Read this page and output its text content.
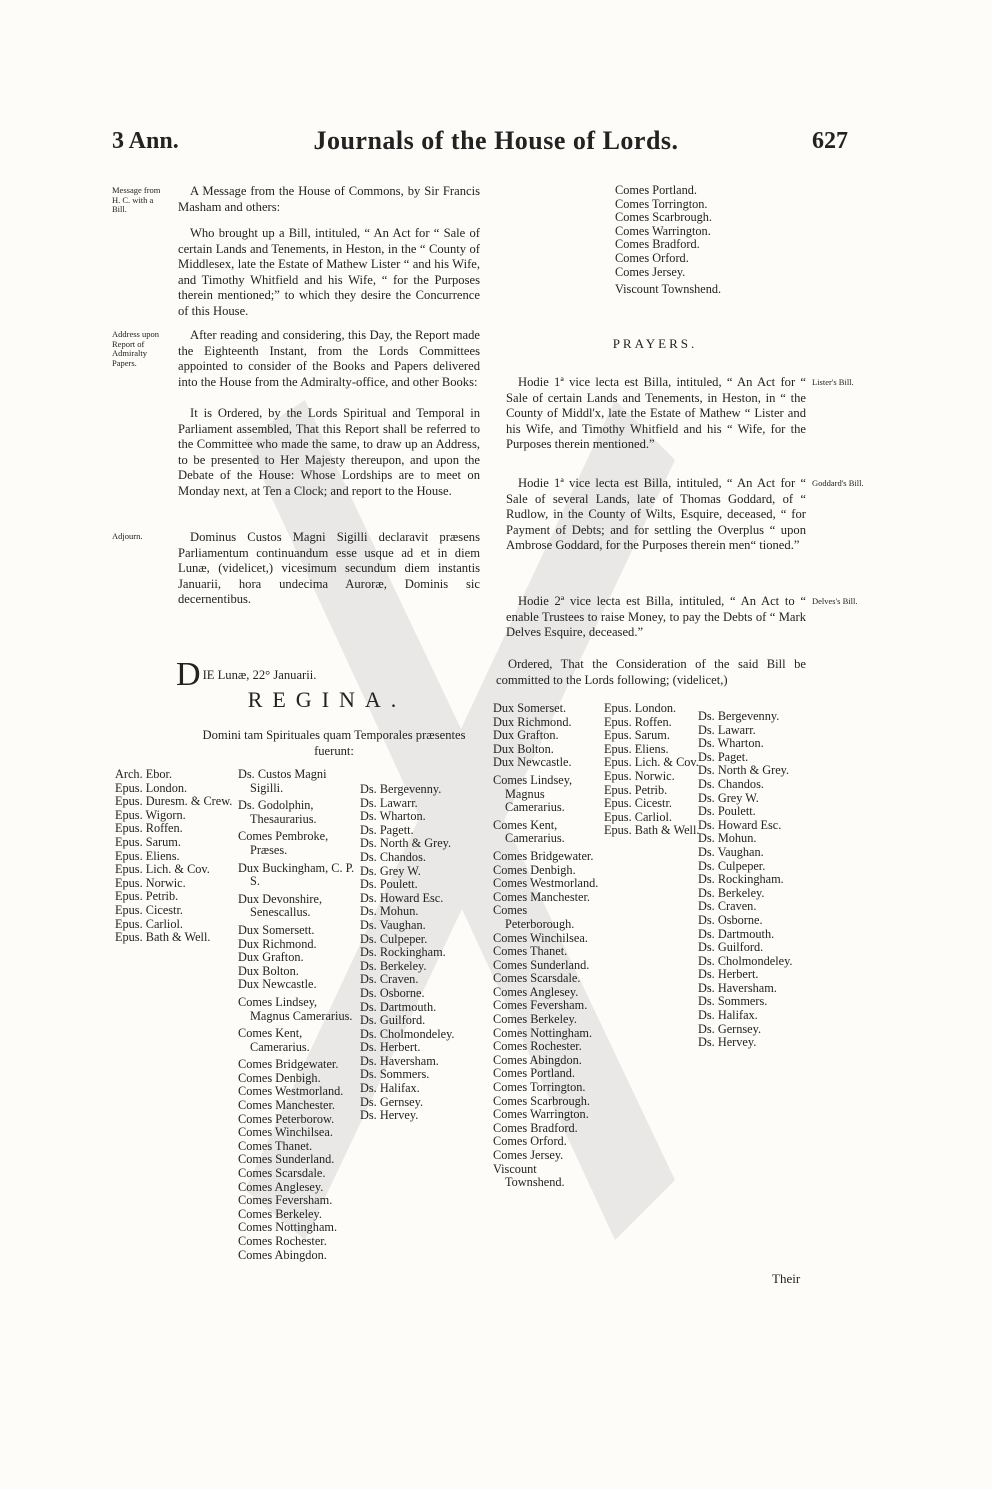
3 Ann.	Journals of the House of Lords.	627
Message from H. C. with a Bill.
A Message from the House of Commons, by Sir Francis Masham and others:
Who brought up a Bill, intituled, “ An Act for “ Sale of certain Lands and Tenements, in Heston, in the “ County of Middlesex, late the Estate of Mathew Lister “ and his Wife, and Timothy Whitfield and his Wife, “ for the Purposes therein mentioned;” to which they desire the Concurrence of this House.
Address upon Report of Admiralty Papers.
After reading and considering, this Day, the Report made the Eighteenth Instant, from the Lords Committees appointed to consider of the Books and Papers delivered into the House from the Admiralty-office, and other Books:
It is Ordered, by the Lords Spiritual and Temporal in Parliament assembled, That this Report shall be referred to the Committee who made the same, to draw up an Address, to be presented to Her Majesty thereupon, and upon the Debate of the House: Whose Lordships are to meet on Monday next, at Ten a Clock; and report to the House.
Adjourn.	Dominus Custos Magni Sigilli declaravit præsens Parliamentum continuandum esse usque ad et in diem Lunæ, (videlicet,) vicesimum secundum diem instantis Januarii, hora undecima Auroræ, Dominis sic decernentibus.
D IE Lunæ, 22° Januarii.
REGINA.
Domini tam Spirituales quam Temporales præsentes fuerunt:
Arch. Ebor.
Epus. London.
Epus. Duresm. & Crew.
Epus. Wigorn.
Epus. Roffen.
Epus. Sarum.
Epus. Eliens.
Epus. Lich. & Cov.
Epus. Norwic.
Epus. Petrib.
Epus. Cicestr.
Epus. Carliol.
Epus. Bath & Well.
Ds. Custos Magni Sigilli.
Ds. Godolphin, Thesaurarius.
Comes Pembroke, Præses.
Dux Buckingham, C. P. S.
Dux Devonshire, Senescallus.
Dux Somersett.
Dux Richmond.
Dux Grafton.
Dux Bolton.
Dux Newcastle.
Comes Lindsey, Magnus Camerarius.
Comes Kent, Camerarius.
Comes Bridgewater.
Comes Denbigh.
Comes Westmorland.
Comes Manchester.
Comes Peterborow.
Comes Winchilsea.
Comes Thanet.
Comes Sunderland.
Comes Scarsdale.
Comes Anglesey.
Comes Feversham.
Comes Berkeley.
Comes Nottingham.
Comes Rochester.
Comes Abingdon.
Ds. Bergevenny.
Ds. Lawarr.
Ds. Wharton.
Ds. Pagett.
Ds. North & Grey.
Ds. Chandos.
Ds. Grey W.
Ds. Poulett.
Ds. Howard Esc.
Ds. Mohun.
Ds. Vaughan.
Ds. Culpeper.
Ds. Rockingham.
Ds. Berkeley.
Ds. Craven.
Ds. Osborne.
Ds. Dartmouth.
Ds. Guilford.
Ds. Cholmondeley.
Ds. Herbert.
Ds. Haversham.
Ds. Sommers.
Ds. Halifax.
Ds. Gernsey.
Ds. Hervey.
Comes Portland.
Comes Torrington.
Comes Scarbrough.
Comes Warrington.
Comes Bradford.
Comes Orford.
Comes Jersey.
Viscount Townshend.
PRAYERS.
Hodie 1ª vice lecta est Billa, intituled, “ An Act for “ Sale of certain Lands and Tenements, in Heston, in “ the County of Middl'x, late the Estate of Mathew “ Lister and his Wife, and Timothy Whitfield and his “ Wife, for the Purposes therein mentioned.”
Lister's Bill.
Hodie 1ª vice lecta est Billa, intituled, “ An Act for “ Sale of several Lands, late of Thomas Goddard, of “ Rudlow, in the County of Wilts, Esquire, deceased, “ for Payment of Debts; and for settling the Overplus “ upon Ambrose Goddard, for the Purposes therein men“ tioned.”
Goddard's Bill.
Hodie 2ª vice lecta est Billa, intituled, “ An Act to “ enable Trustees to raise Money, to pay the Debts of “ Mark Delves Esquire, deceased.”
Delves's Bill.
Ordered, That the Consideration of the said Bill be committed to the Lords following; (videlicet,)
Dux Somerset.
Dux Richmond.
Dux Grafton.
Dux Bolton.
Dux Newcastle.
Comes Lindsey, Magnus Camerarius.
Comes Kent, Camerarius.
Comes Bridgewater.
Comes Denbigh.
Comes Westmorland.
Comes Manchester.
Comes Peterborough.
Comes Winchilsea.
Comes Thanet.
Comes Sunderland.
Comes Scarsdale.
Comes Anglesey.
Comes Feversham.
Comes Berkeley.
Comes Nottingham.
Comes Rochester.
Comes Abingdon.
Comes Portland.
Comes Torrington.
Comes Scarbrough.
Comes Warrington.
Comes Bradford.
Comes Orford.
Comes Jersey.
Viscount Townshend.
Epus. London.
Epus. Roffen.
Epus. Sarum.
Epus. Eliens.
Epus. Lich. & Cov.
Epus. Norwic.
Epus. Petrib.
Epus. Cicestr.
Epus. Carliol.
Epus. Bath & Well.
Ds. Bergevenny.
Ds. Lawarr.
Ds. Wharton.
Ds. Paget.
Ds. North & Grey.
Ds. Chandos.
Ds. Grey W.
Ds. Poulett.
Ds. Howard Esc.
Ds. Mohun.
Ds. Vaughan.
Ds. Culpeper.
Ds. Rockingham.
Ds. Berkeley.
Ds. Craven.
Ds. Osborne.
Ds. Dartmouth.
Ds. Guilford.
Ds. Cholmondeley.
Ds. Herbert.
Ds. Haversham.
Ds. Sommers.
Ds. Halifax.
Ds. Gernsey.
Ds. Hervey.
Their
